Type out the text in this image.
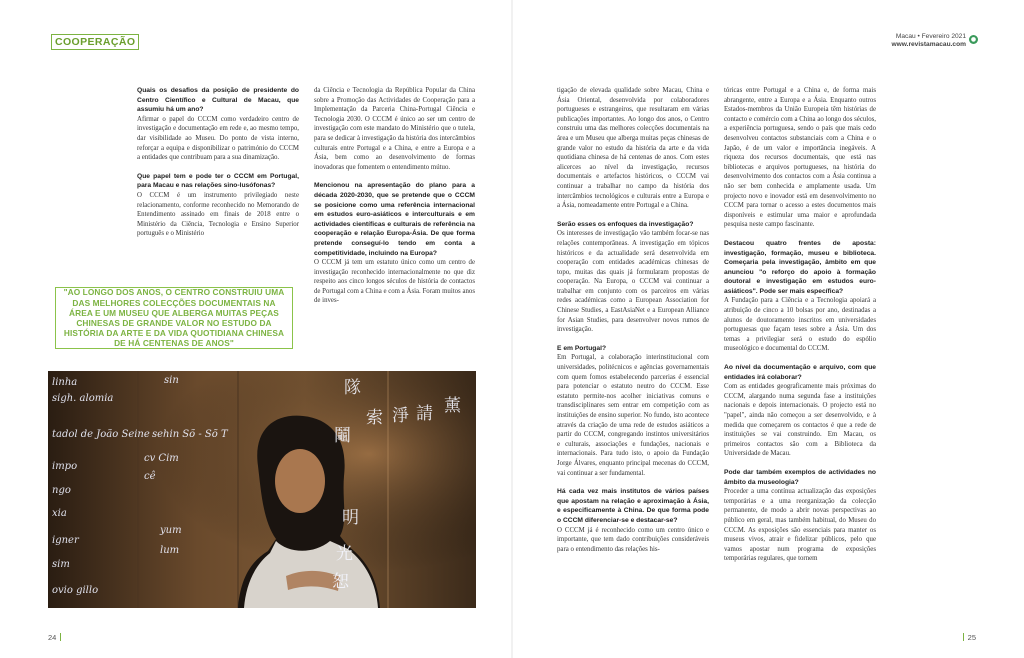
COOPERAÇÃO	Macau • Fevereiro 2021
www.revistamacau.com
●

Quais os desafios da posição de presidente do Centro Científico e Cultural de Macau, que assumiu há um ano?

Afirmar o papel do CCCM como verdadeiro centro de investigação e documentação em rede e, ao mesmo tempo, dar visibilidade ao Museu. Do ponto de vista interno, reforçar a equipa e disponibilizar o património do CCCM a entidades que contribuam para a sua dinamização.

Que papel tem e pode ter o CCCM em Portugal, para Macau e nas relações sino-lusófonas?

O CCCM é um instrumento privilegiado neste relacionamento, conforme reconhecido no Memorando de Entendimento assinado em finais de 2018 entre o Ministério da Ciência, Tecnologia e Ensino Superior português e o Ministério

da Ciência e Tecnologia da República Popular da China sobre a Promoção das Actividades de Cooperação para a Implementação da Parceria China-Portugal Ciência e Tecnologia 2030. O CCCM é único ao ser um centro de investigação com este mandato do Ministério que o tutela, para se dedicar à investigação da história dos intercâmbios culturais entre Portugal e a China, e entre a Europa e a Ásia, bem como ao desenvolvimento de formas inovadoras que fomentem o entendimento mútuo.

Mencionou na apresentação do plano para a década 2020-2030, que se pretende que o CCCM se posicione como uma referência internacional em estudos euro-asiáticos e interculturais e em actividades científicas e culturais de referência na cooperação e relação Europa-Ásia. De que forma pretende conseguí-lo tendo em conta a competitividade, incluindo na Europa?

O CCCM já tem um estatuto único como um centro de investigação reconhecido internacionalmente no que diz respeito aos cinco longos séculos de história de contactos de Portugal com a China e com a Ásia. Foram muitos anos de inves-

tigação de elevada qualidade sobre Macau, China e Ásia Oriental, desenvolvida por colaboradores portugueses e estrangeiros, que resultaram em várias publicações importantes. Ao longo dos anos, o Centro construiu uma das melhores colecções documentais na área e um Museu que alberga muitas peças chinesas de grande valor no estudo da história da arte e da vida quotidiana chinesa de há centenas de anos. Com estes alicerces ao nível da investigação, recursos documentais e artefactos históricos, o CCCM vai continuar a trabalhar no campo da história dos intercâmbios tecnológicos e culturais entre a Europa e a Ásia, nomeadamente entre Portugal e a China.

Serão esses os enfoques da investigação?

Os interesses de investigação vão também focar-se nas relações contemporâneas. A investigação em tópicos históricos e da actualidade será desenvolvida em cooperação com entidades académicas chinesas de topo, muitas das quais já formularam propostas de cooperação. Na Europa, o CCCM vai continuar a trabalhar em conjunto com os parceiros em várias redes académicas como a European Association for Chinese Studies, a EastAsiaNet e a European Alliance for Asian Studies, para desenvolver novos rumos de investigação.

E em Portugal?

Em Portugal, a colaboração interinstitucional com universidades, politécnicos e agências governamentais com quem fomos estabelecendo parcerias é essencial para potenciar o estatuto neutro do CCCM. Esse estatuto permite-nos acolher iniciativas comuns e transdisciplinares sem entrar em competição com as instituições de ensino superior. No fundo, isto acontece através da criação de uma rede de estudos asiáticos a partir do CCCM, congregando instintos universitários e culturais, associações e fundações, nacionais e internacionais. Para tudo isto, o apoio da Fundação Jorge Álvares, enquanto principal mecenas do CCCM, vai continuar a ser fundamental.

Há cada vez mais institutos de vários países que apostam na relação e aproximação à Ásia, e especificamente à China. De que forma pode o CCCM diferenciar-se e destacar-se?

O CCCM já é reconhecido como um centro único e importante, que tem dado contribuições consideráveis para o entendimento das relações his-

tóricas entre Portugal e a China e, de forma mais abrangente, entre a Europa e a Ásia. Enquanto outros Estados-membros da União Europeia têm histórias de contacto e comércio com a China ao longo dos séculos, a experiência portuguesa, sendo o país que mais cedo desenvolveu contactos substanciais com a China e o Japão, é de um valor e importância inegáveis. A riqueza dos recursos documentais, que está nas bibliotecas e arquivos portugueses, na história do desenvolvimento dos contactos com a Ásia continua a não ser bem conhecida e amplamente usada. Um projecto novo e inovador está em desenvolvimento no CCCM para tornar o acesso a estes documentos mais disponíveis e estimular uma maior e aprofundada pesquisa neste campo fascinante.

Destacou quatro frentes de aposta: investigação, formação, museu e biblioteca. Começaria pela investigação, âmbito em que anunciou "o reforço do apoio à formação doutoral e investigação em estudos euro-asiáticos". Pode ser mais específica?

A Fundação para a Ciência e a Tecnologia apoiará a atribuição de cinco a 10 bolsas por ano, destinadas a alunos de doutoramento inscritos em universidades portuguesas que façam teses sobre a Ásia. Um dos temas a privilegiar será o estudo do espólio museológico e documental do CCCM.

Ao nível da documentação e arquivo, com que entidades irá colaborar?

Com as entidades geograficamente mais próximas do CCCM, alargando numa segunda fase a instituições nacionais e depois internacionais. O projecto está no "papel", ainda não começou a ser desenvolvido, e à medida que começarem os contactos é que a rede de instituições se vai construindo. Em Macau, os primeiros contactos são com a Biblioteca da Universidade de Macau.

Pode dar também exemplos de actividades no âmbito da museologia?

Proceder a uma contínua actualização das exposições temporárias e a uma reorganização da colecção permanente, de modo a abrir novas perspectivas ao público em geral, mas também habitual, do Museu do CCCM. As exposições são essenciais para manter os museus vivos, atrair e fidelizar públicos, pelo que vamos apostar num programa de exposições temporárias regulares, que tornem

"AO LONGO DOS ANOS, O CENTRO CONSTRUIU UMA DAS MELHORES COLECÇÕES DOCUMENTAIS NA ÁREA E UM MUSEU QUE ALBERGA MUITAS PEÇAS CHINESAS DE GRANDE VALOR NO ESTUDO DA HISTÓRIA DA ARTE E DA VIDA QUOTIDIANA CHINESA DE HÁ CENTENAS DE ANOS"
linha
sigh. alomia
sin
tadol de João Seine sehin Sõ - Sõ T
impo
cv Cim
cê
ngo
xia
igner
yum
sim
lum
ovio gillo
隊
索 淨 請 薰
鬮
明
光
恕
24	25
